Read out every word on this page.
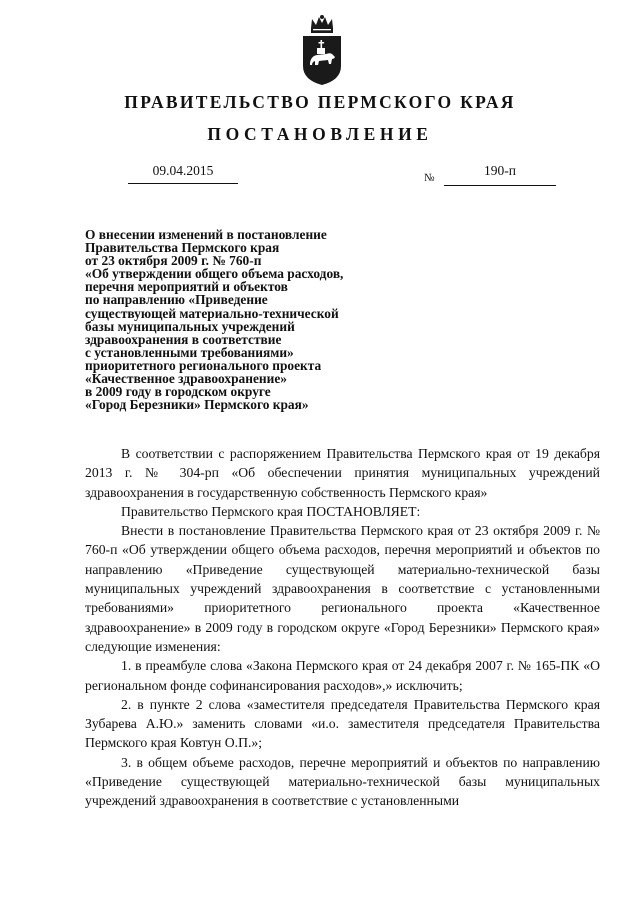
ПРАВИТЕЛЬСТВО ПЕРМСКОГО КРАЯ
ПОСТАНОВЛЕНИЕ
09.04.2015	№	190-п
О внесении изменений в постановление
Правительства Пермского края
от 23 октября 2009 г. № 760-п
«Об утверждении общего объема расходов,
перечня мероприятий и объектов
по направлению «Приведение
существующей материально-технической
базы муниципальных учреждений
здравоохранения в соответствие
с установленными требованиями»
приоритетного регионального проекта
«Качественное здравоохранение»
в 2009 году в городском округе
«Город Березники» Пермского края»

В соответствии с распоряжением Правительства Пермского края от 19 декабря 2013 г. № 304-рп «Об обеспечении принятия муниципальных учреждений здравоохранения в государственную собственность Пермского края»

Правительство Пермского края ПОСТАНОВЛЯЕТ:

Внести в постановление Правительства Пермского края от 23 октября 2009 г. № 760-п «Об утверждении общего объема расходов, перечня мероприятий и объектов по направлению «Приведение существующей материально-технической базы муниципальных учреждений здравоохранения в соответствие с установленными требованиями» приоритетного регионального проекта «Качественное здравоохранение» в 2009 году в городском округе «Город Березники» Пермского края» следующие изменения:

1. в преамбуле слова «Закона Пермского края от 24 декабря 2007 г. № 165-ПК «О региональном фонде софинансирования расходов»,» исключить;

2. в пункте 2 слова «заместителя председателя Правительства Пермского края Зубарева А.Ю.» заменить словами «и.о. заместителя председателя Правительства Пермского края Ковтун О.П.»;

3. в общем объеме расходов, перечне мероприятий и объектов по направлению «Приведение существующей материально-технической базы муниципальных учреждений здравоохранения в соответствие с установленными
